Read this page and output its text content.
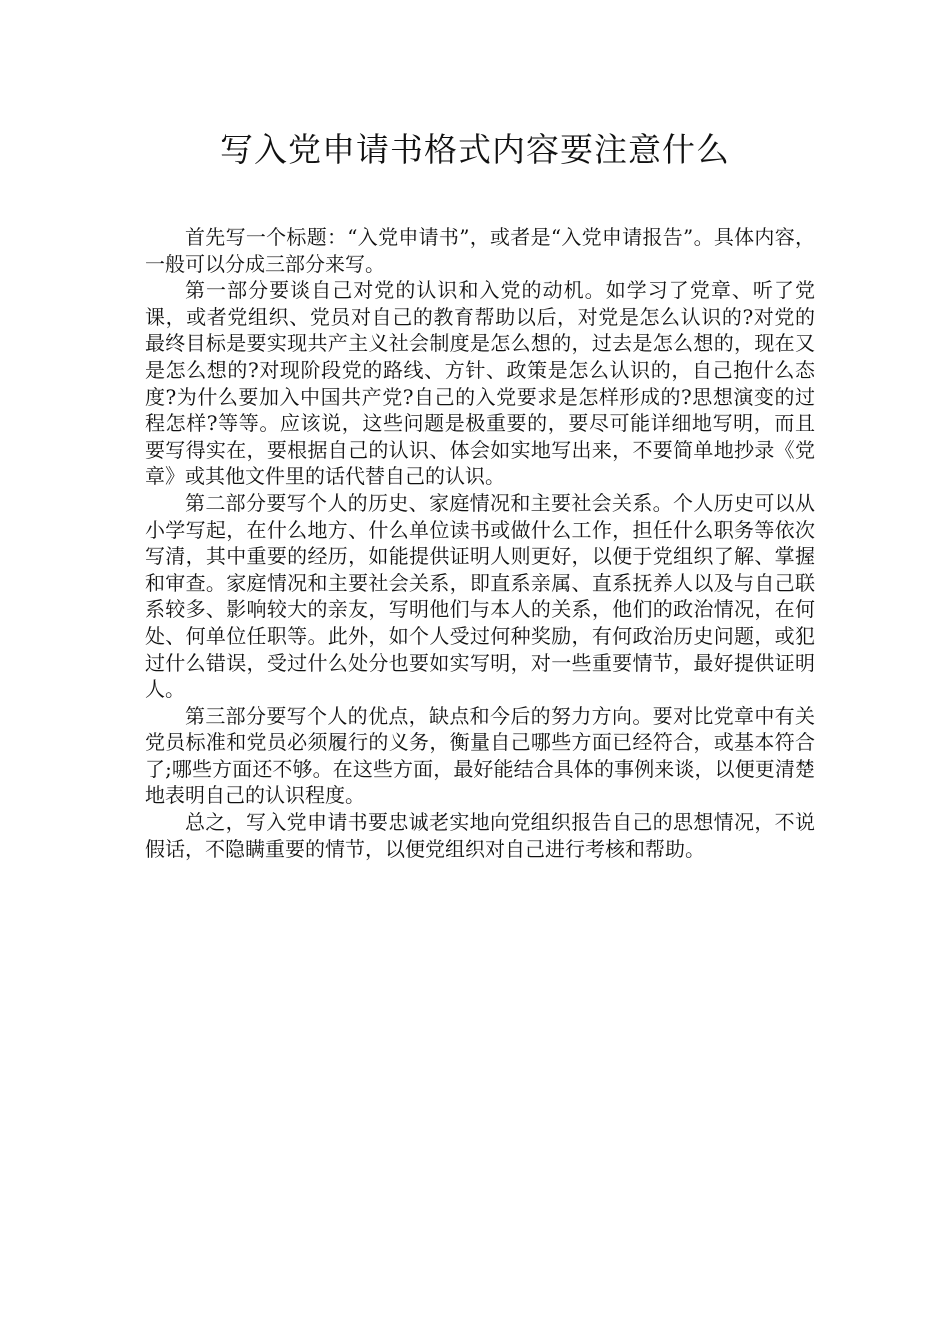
写入党申请书格式内容要注意什么

首先写一个标题：“入党申请书”，或者是“入党申请报告”。具体内容，一般可以分成三部分来写。

第一部分要谈自己对党的认识和入党的动机。如学习了党章、听了党课，或者党组织、党员对自己的教育帮助以后，对党是怎么认识的?对党的最终目标是要实现共产主义社会制度是怎么想的，过去是怎么想的，现在又是怎么想的?对现阶段党的路线、方针、政策是怎么认识的，自己抱什么态度?为什么要加入中国共产党?自己的入党要求是怎样形成的?思想演变的过程怎样?等等。应该说，这些问题是极重要的，要尽可能详细地写明，而且要写得实在，要根据自己的认识、体会如实地写出来，不要简单地抄录《党章》或其他文件里的话代替自己的认识。

第二部分要写个人的历史、家庭情况和主要社会关系。个人历史可以从小学写起，在什么地方、什么单位读书或做什么工作，担任什么职务等依次写清，其中重要的经历，如能提供证明人则更好，以便于党组织了解、掌握和审查。家庭情况和主要社会关系，即直系亲属、直系抚养人以及与自己联系较多、影响较大的亲友，写明他们与本人的关系，他们的政治情况，在何处、何单位任职等。此外，如个人受过何种奖励，有何政治历史问题，或犯过什么错误，受过什么处分也要如实写明，对一些重要情节，最好提供证明人。

第三部分要写个人的优点，缺点和今后的努力方向。要对比党章中有关党员标准和党员必须履行的义务，衡量自己哪些方面已经符合，或基本符合了;哪些方面还不够。在这些方面，最好能结合具体的事例来谈，以便更清楚地表明自己的认识程度。

总之，写入党申请书要忠诚老实地向党组织报告自己的思想情况，不说假话，不隐瞒重要的情节，以便党组织对自己进行考核和帮助。
